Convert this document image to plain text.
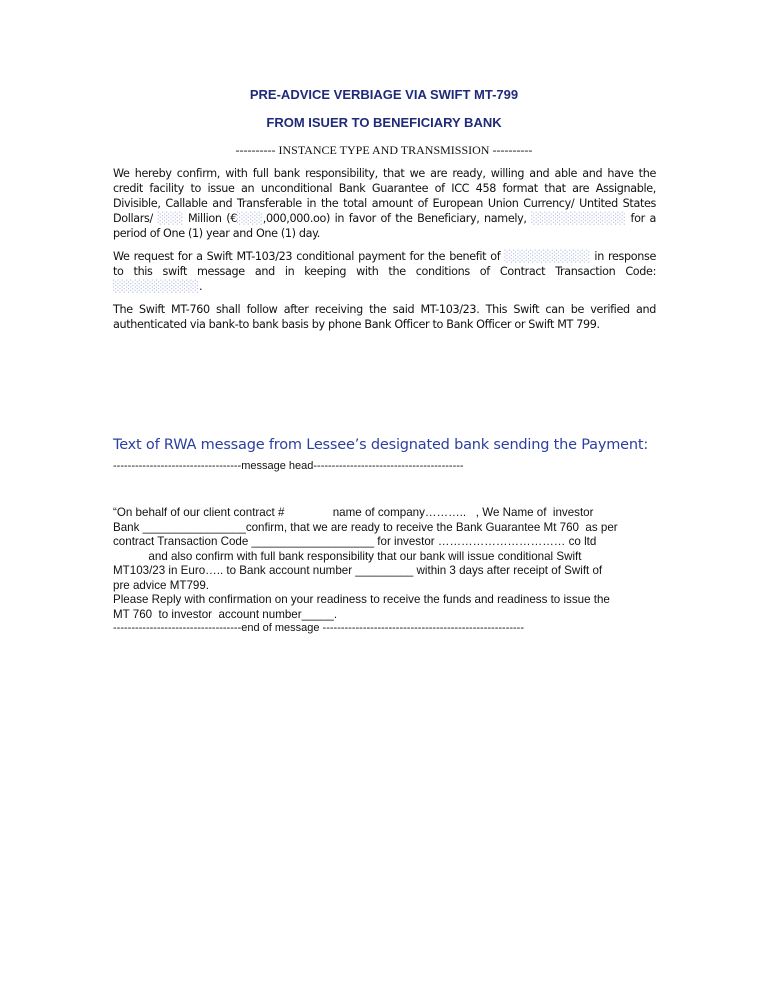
PRE-ADVICE VERBIAGE VIA SWIFT MT-799
FROM ISUER TO BENEFICIARY BANK
---------- INSTANCE TYPE AND TRANSMISSION ----------
We hereby confirm, with full bank responsibility, that we are ready, willing and able and have the credit facility to issue an unconditional Bank Guarantee of ICC 458 format that are Assignable, Divisible, Callable and Transferable in the total amount of European Union Currency/ Untited States Dollars/ ░░░ Million (€░░░,000,000.oo) in favor of the Beneficiary, namely, ░░░░░░░░░░░ for a period of One (1) year and One (1) day.
We request for a Swift MT-103/23 conditional payment for the benefit of ░░░░░░░░░░ in response to this swift message and in keeping with the conditions of Contract Transaction Code: ░░░░░░░░░░.
The Swift MT-760 shall follow after receiving the said MT-103/23. This Swift can be verified and authenticated via bank-to bank basis by phone Bank Officer to Bank Officer or Swift MT 799.
Text of RWA message from Lessee’s designated bank sending the Payment:
-----------------------------------message head-----------------------------------------
“On behalf of our client contract #               name of company………..   , We Name of  investor
Bank ________________confirm, that we are ready to receive the Bank Guarantee Mt 760  as per
contract Transaction Code ___________________ for investor …………………………… co ltd
and also confirm with full bank responsibility that our bank will issue conditional Swift
MT103/23 in Euro….. to Bank account number _________ within 3 days after receipt of Swift of
pre advice MT799.
Please Reply with confirmation on your readiness to receive the funds and readiness to issue the
MT 760  to investor  account number_____.
-----------------------------------end of message -------------------------------------------------------
